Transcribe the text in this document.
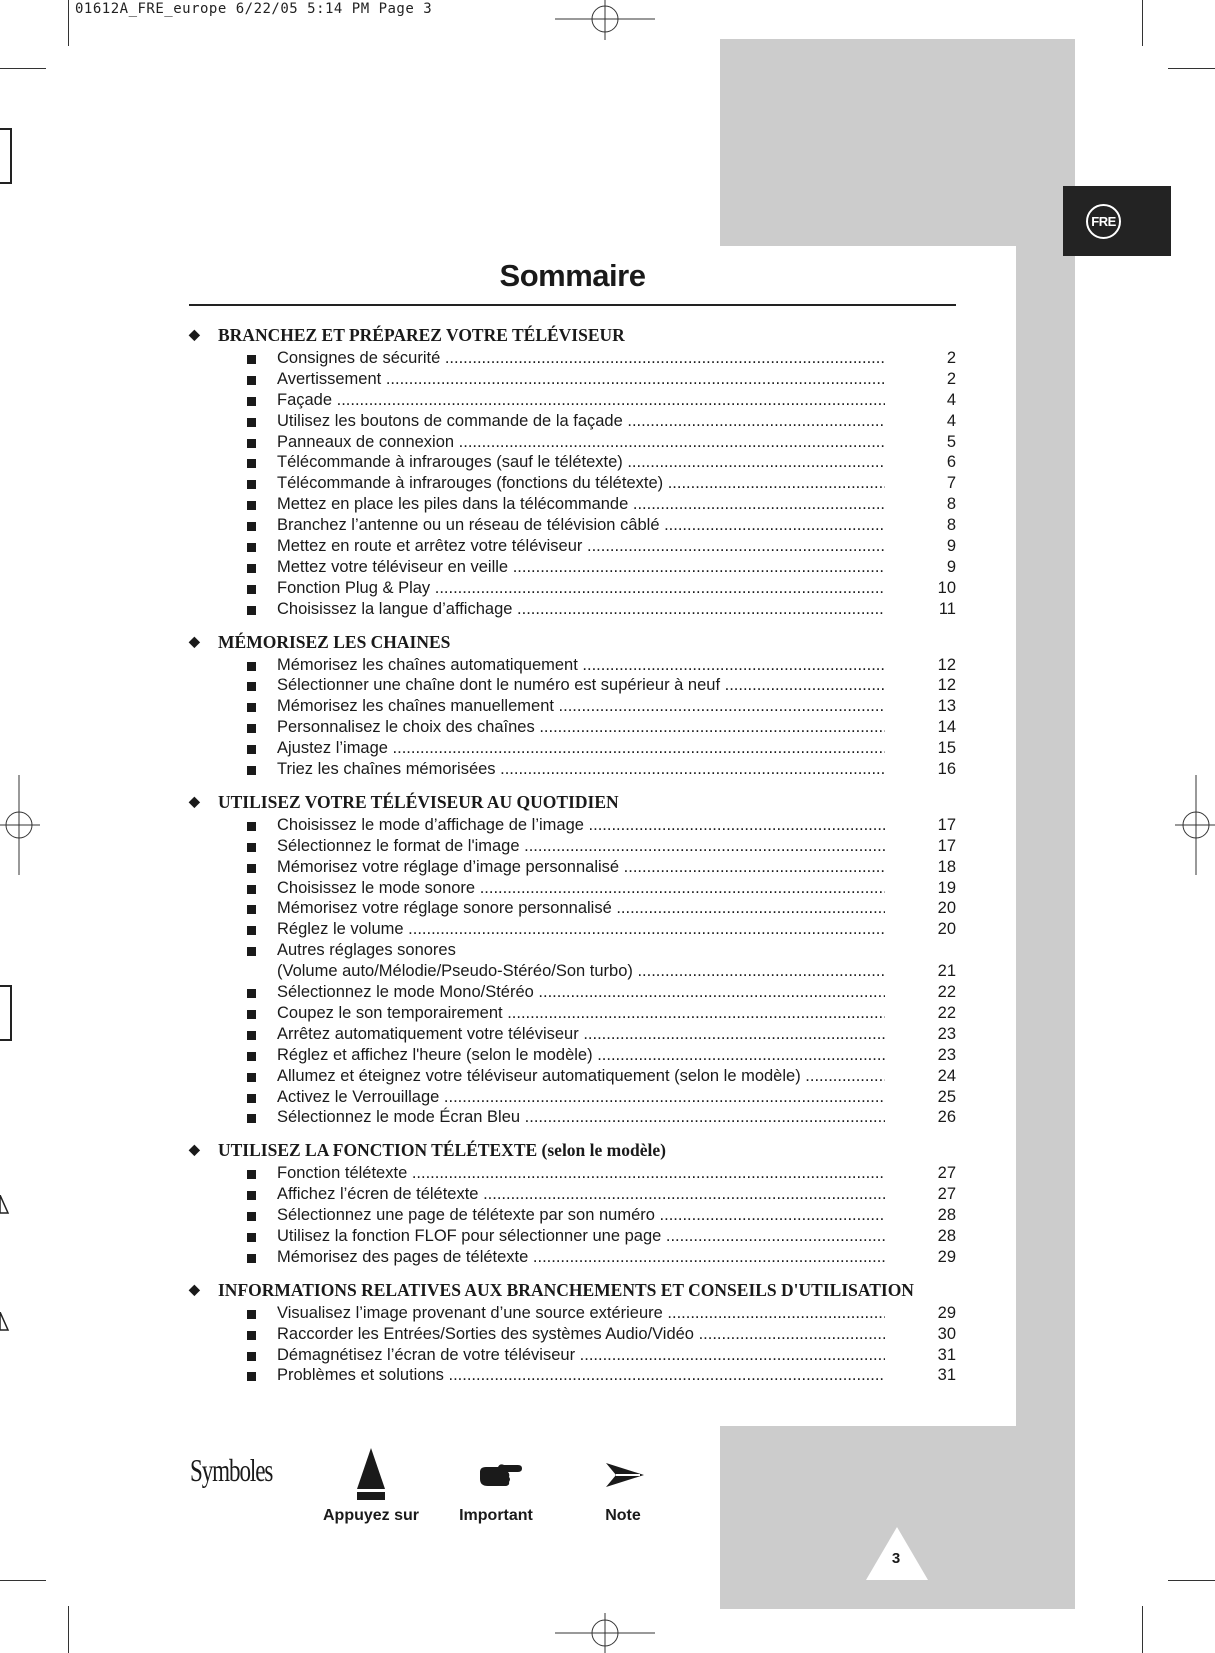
01612A_FRE_europe 6/22/05 5:14 PM Page 3
FRE
Sommaire
◆ BRANCHEZ ET PRÉPAREZ VOTRE TÉLÉVISEUR
Consignes de sécurité .....	2
Avertissement .....	2
Façade .....	4
Utilisez les boutons de commande de la façade .....	4
Panneaux de connexion .....	5
Télécommande à infrarouges (sauf le télétexte) .....	6
Télécommande à infrarouges (fonctions du télétexte) .....	7
Mettez en place les piles dans la télécommande .....	8
Branchez l’antenne ou un réseau de télévision câblé .....	8
Mettez en route et arrêtez votre téléviseur .....	9
Mettez votre téléviseur en veille .....	9
Fonction Plug & Play .....	10
Choisissez la langue d’affichage .....	11
◆ MÉMORISEZ LES CHAINES
Mémorisez les chaînes automatiquement .....	12
Sélectionner une chaîne dont le numéro est supérieur à neuf .....	12
Mémorisez les chaînes manuellement .....	13
Personnalisez le choix des chaînes .....	14
Ajustez l’image .....	15
Triez les chaînes mémorisées .....	16
◆ UTILISEZ VOTRE TÉLÉVISEUR AU QUOTIDIEN
Choisissez le mode d’affichage de l’image .....	17
Sélectionnez le format de l'image .....	17
Mémorisez votre réglage d’image personnalisé .....	18
Choisissez le mode sonore .....	19
Mémorisez votre réglage sonore personnalisé .....	20
Réglez le volume .....	20
Autres réglages sonores
(Volume auto/Mélodie/Pseudo-Stéréo/Son turbo) .....	21
Sélectionnez le mode Mono/Stéréo .....	22
Coupez le son temporairement .....	22
Arrêtez automatiquement votre téléviseur .....	23
Réglez et affichez l'heure (selon le modèle) .....	23
Allumez et éteignez votre téléviseur automatiquement (selon le modèle) .....	24
Activez le Verrouillage .....	25
Sélectionnez le mode Écran Bleu .....	26
◆ UTILISEZ LA FONCTION TÉLÉTEXTE (selon le modèle)
Fonction télétexte .....	27
Affichez l’écren de télétexte .....	27
Sélectionnez une page de télétexte par son numéro .....	28
Utilisez la fonction FLOF pour sélectionner une page .....	28
Mémorisez des pages de télétexte .....	29
◆ INFORMATIONS RELATIVES AUX BRANCHEMENTS ET CONSEILS D'UTILISATION
Visualisez l’image provenant d’une source extérieure .....	29
Raccorder les Entrées/Sorties des systèmes Audio/Vidéo .....	30
Démagnétisez l’écran de votre téléviseur .....	31
Problèmes et solutions .....	31
Symboles
Appuyez sur	Important	Note
3
